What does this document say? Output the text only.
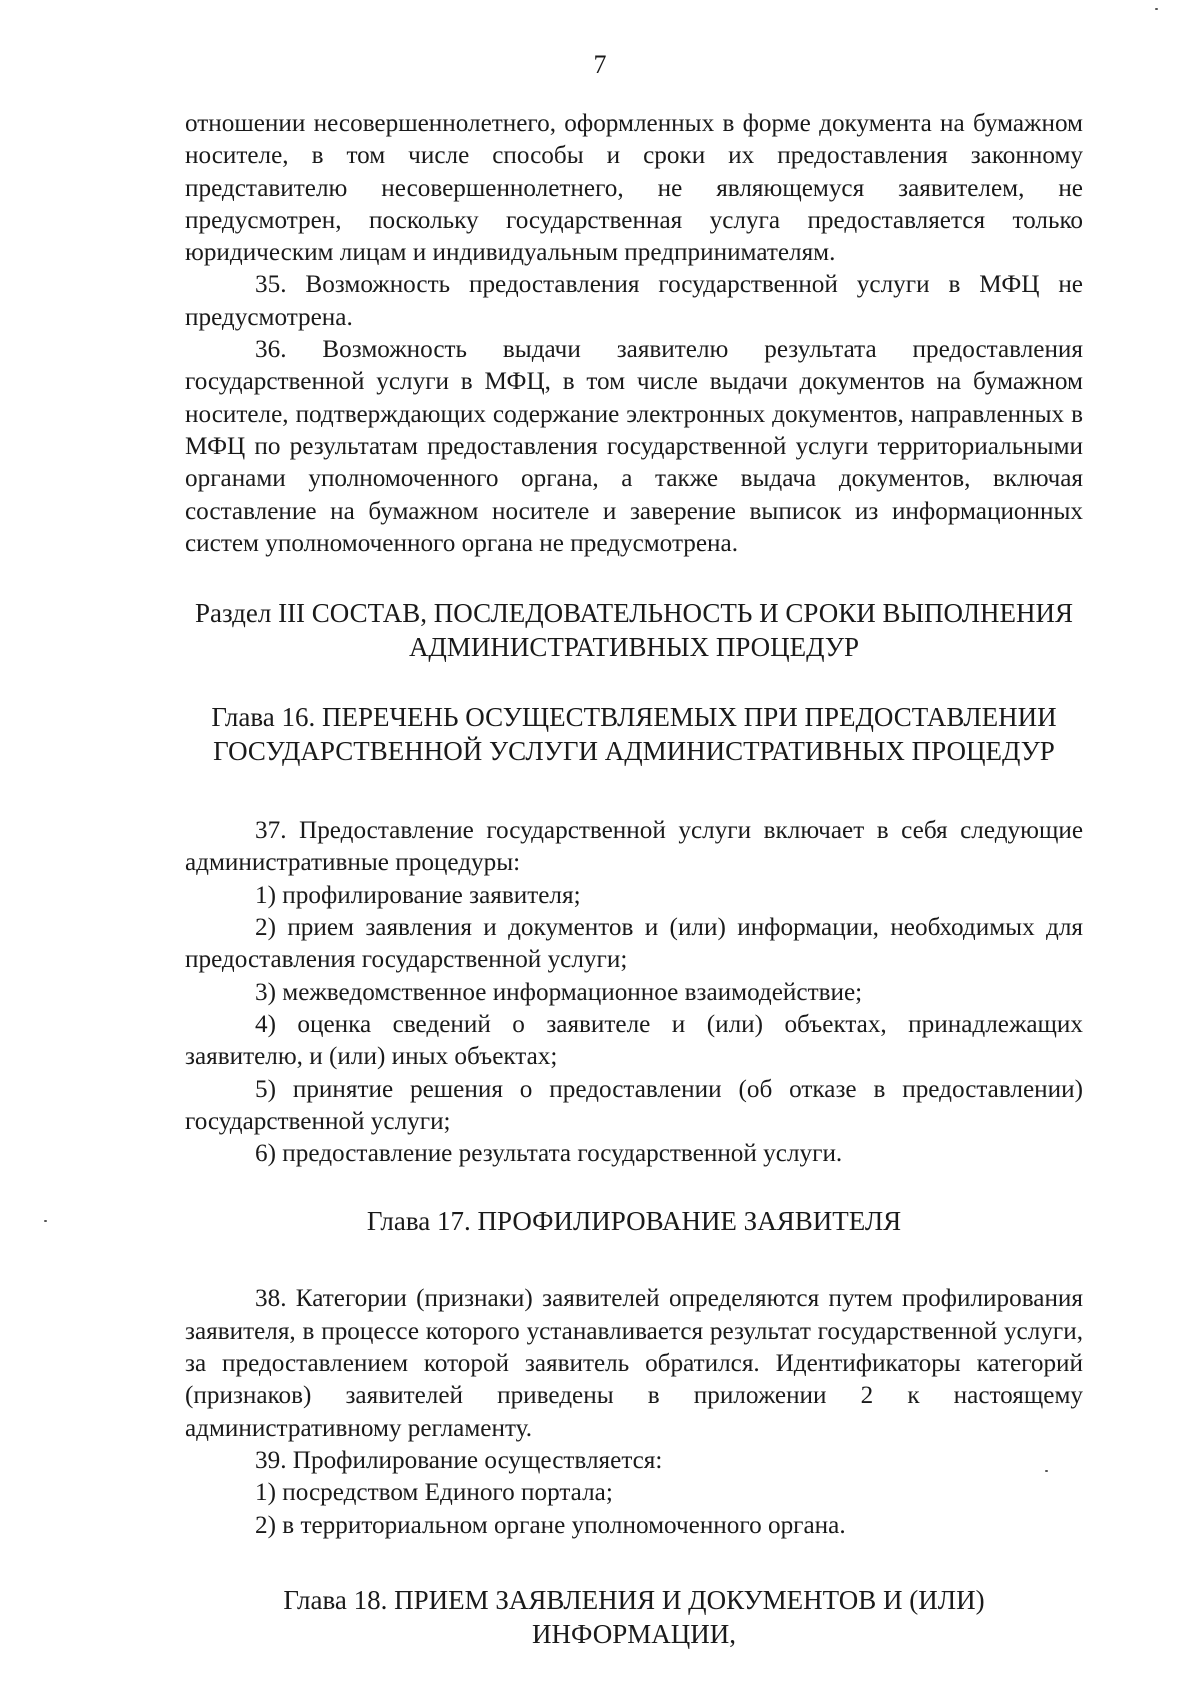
7

отношении несовершеннолетнего, оформленных в форме документа на бумажном носителе, в том числе способы и сроки их предоставления законному представителю несовершеннолетнего, не являющемуся заявителем, не предусмотрен, поскольку государственная услуга предоставляется только юридическим лицам и индивидуальным предпринимателям.

35. Возможность предоставления государственной услуги в МФЦ не предусмотрена.

36. Возможность выдачи заявителю результата предоставления государственной услуги в МФЦ, в том числе выдачи документов на бумажном носителе, подтверждающих содержание электронных документов, направленных в МФЦ по результатам предоставления государственной услуги территориальными органами уполномоченного органа, а также выдача документов, включая составление на бумажном носителе и заверение выписок из информационных систем уполномоченного органа не предусмотрена.

Раздел III СОСТАВ, ПОСЛЕДОВАТЕЛЬНОСТЬ И СРОКИ ВЫПОЛНЕНИЯ
АДМИНИСТРАТИВНЫХ ПРОЦЕДУР
Глава 16. ПЕРЕЧЕНЬ ОСУЩЕСТВЛЯЕМЫХ ПРИ ПРЕДОСТАВЛЕНИИ
ГОСУДАРСТВЕННОЙ УСЛУГИ АДМИНИСТРАТИВНЫХ ПРОЦЕДУР

37. Предоставление государственной услуги включает в себя следующие административные процедуры:

1) профилирование заявителя;

2) прием заявления и документов и (или) информации, необходимых для предоставления государственной услуги;

3) межведомственное информационное взаимодействие;

4) оценка сведений о заявителе и (или) объектах, принадлежащих заявителю, и (или) иных объектах;

5) принятие решения о предоставлении (об отказе в предоставлении) государственной услуги;

6) предоставление результата государственной услуги.

Глава 17. ПРОФИЛИРОВАНИЕ ЗАЯВИТЕЛЯ

38. Категории (признаки) заявителей определяются путем профилирования заявителя, в процессе которого устанавливается результат государственной услуги, за предоставлением которой заявитель обратился. Идентификаторы категорий (признаков) заявителей приведены в приложении 2 к настоящему административному регламенту.

39. Профилирование осуществляется:

1) посредством Единого портала;

2) в территориальном органе уполномоченного органа.

Глава 18. ПРИЕМ ЗАЯВЛЕНИЯ И ДОКУМЕНТОВ И (ИЛИ) ИНФОРМАЦИИ,
